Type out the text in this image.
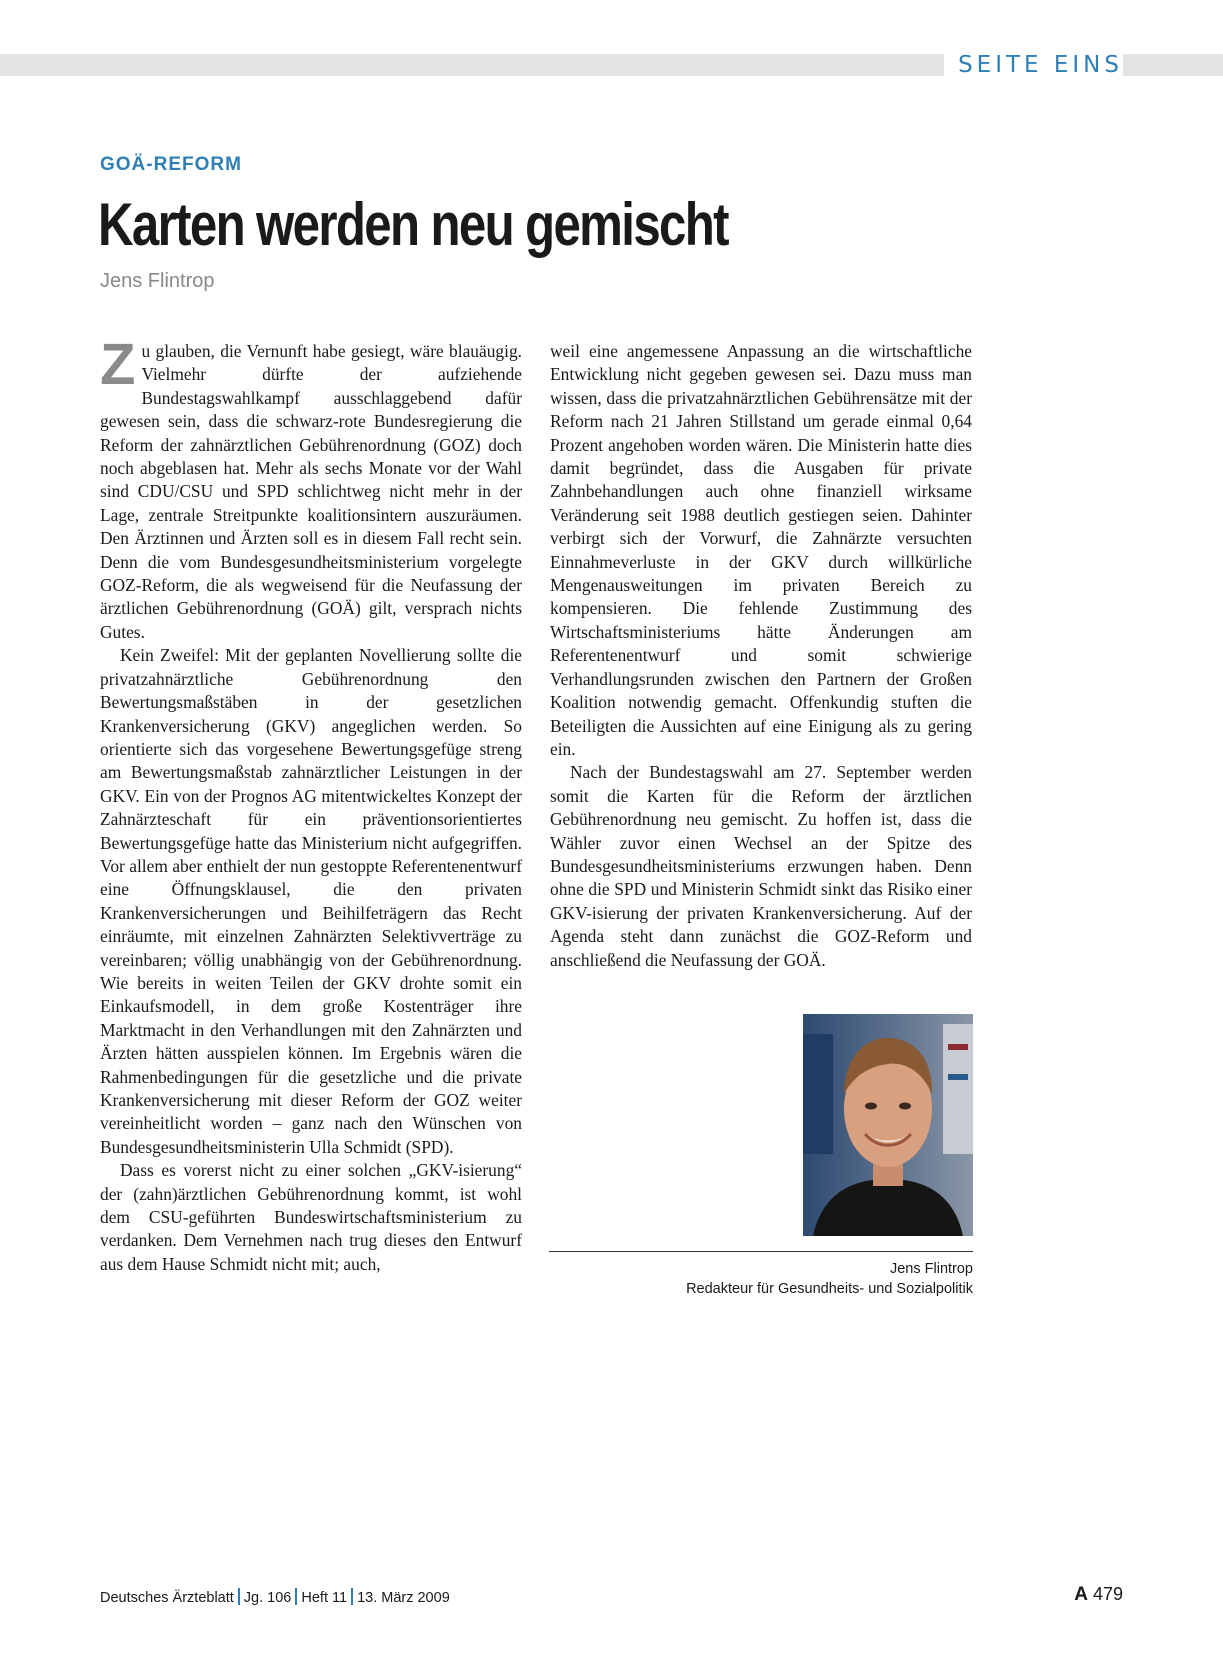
SEITE EINS
GOÄ-REFORM
Karten werden neu gemischt
Jens Flintrop

Zu glauben, die Vernunft habe gesiegt, wäre blauäugig. Vielmehr dürfte der aufziehende Bundestagswahlkampf ausschlaggebend dafür gewesen sein, dass die schwarz-rote Bundesregierung die Reform der zahnärztlichen Gebührenordnung (GOZ) doch noch abgeblasen hat. Mehr als sechs Monate vor der Wahl sind CDU/CSU und SPD schlichtweg nicht mehr in der Lage, zentrale Streitpunkte koalitionsintern auszuräumen. Den Ärztinnen und Ärzten soll es in diesem Fall recht sein. Denn die vom Bundesgesundheitsministerium vorgelegte GOZ-Reform, die als wegweisend für die Neufassung der ärztlichen Gebührenordnung (GOÄ) gilt, versprach nichts Gutes.

Kein Zweifel: Mit der geplanten Novellierung sollte die privatzahnärztliche Gebührenordnung den Bewertungsmaßstäben in der gesetzlichen Krankenversicherung (GKV) angeglichen werden. So orientierte sich das vorgesehene Bewertungsgefüge streng am Bewertungsmaßstab zahnärztlicher Leistungen in der GKV. Ein von der Prognos AG mitentwickeltes Konzept der Zahnärzteschaft für ein präventionsorientiertes Bewertungsgefüge hatte das Ministerium nicht aufgegriffen. Vor allem aber enthielt der nun gestoppte Referentenentwurf eine Öffnungsklausel, die den privaten Krankenversicherungen und Beihilfeträgern das Recht einräumte, mit einzelnen Zahnärzten Selektivverträge zu vereinbaren; völlig unabhängig von der Gebührenordnung. Wie bereits in weiten Teilen der GKV drohte somit ein Einkaufsmodell, in dem große Kostenträger ihre Marktmacht in den Verhandlungen mit den Zahnärzten und Ärzten hätten ausspielen können. Im Ergebnis wären die Rahmenbedingungen für die gesetzliche und die private Krankenversicherung mit dieser Reform der GOZ weiter vereinheitlicht worden – ganz nach den Wünschen von Bundesgesundheitsministerin Ulla Schmidt (SPD).

Dass es vorerst nicht zu einer solchen „GKV-isierung“ der (zahn)ärztlichen Gebührenordnung kommt, ist wohl dem CSU-geführten Bundeswirtschaftsministerium zu verdanken. Dem Vernehmen nach trug dieses den Entwurf aus dem Hause Schmidt nicht mit; auch,

weil eine angemessene Anpassung an die wirtschaftliche Entwicklung nicht gegeben gewesen sei. Dazu muss man wissen, dass die privatzahnärztlichen Gebührensätze mit der Reform nach 21 Jahren Stillstand um gerade einmal 0,64 Prozent angehoben worden wären. Die Ministerin hatte dies damit begründet, dass die Ausgaben für private Zahnbehandlungen auch ohne finanziell wirksame Veränderung seit 1988 deutlich gestiegen seien. Dahinter verbirgt sich der Vorwurf, die Zahnärzte versuchten Einnahmeverluste in der GKV durch willkürliche Mengenausweitungen im privaten Bereich zu kompensieren. Die fehlende Zustimmung des Wirtschaftsministeriums hätte Änderungen am Referentenentwurf und somit schwierige Verhandlungsrunden zwischen den Partnern der Großen Koalition notwendig gemacht. Offenkundig stuften die Beteiligten die Aussichten auf eine Einigung als zu gering ein.

Nach der Bundestagswahl am 27. September werden somit die Karten für die Reform der ärztlichen Gebührenordnung neu gemischt. Zu hoffen ist, dass die Wähler zuvor einen Wechsel an der Spitze des Bundesgesundheitsministeriums erzwungen haben. Denn ohne die SPD und Ministerin Schmidt sinkt das Risiko einer GKV-isierung der privaten Krankenversicherung. Auf der Agenda steht dann zunächst die GOZ-Reform und anschließend die Neufassung der GOÄ.

Jens Flintrop
Redakteur für Gesundheits- und Sozialpolitik
Deutsches Ärzteblatt Jg. 106 Heft 11 13. März 2009	A 479
